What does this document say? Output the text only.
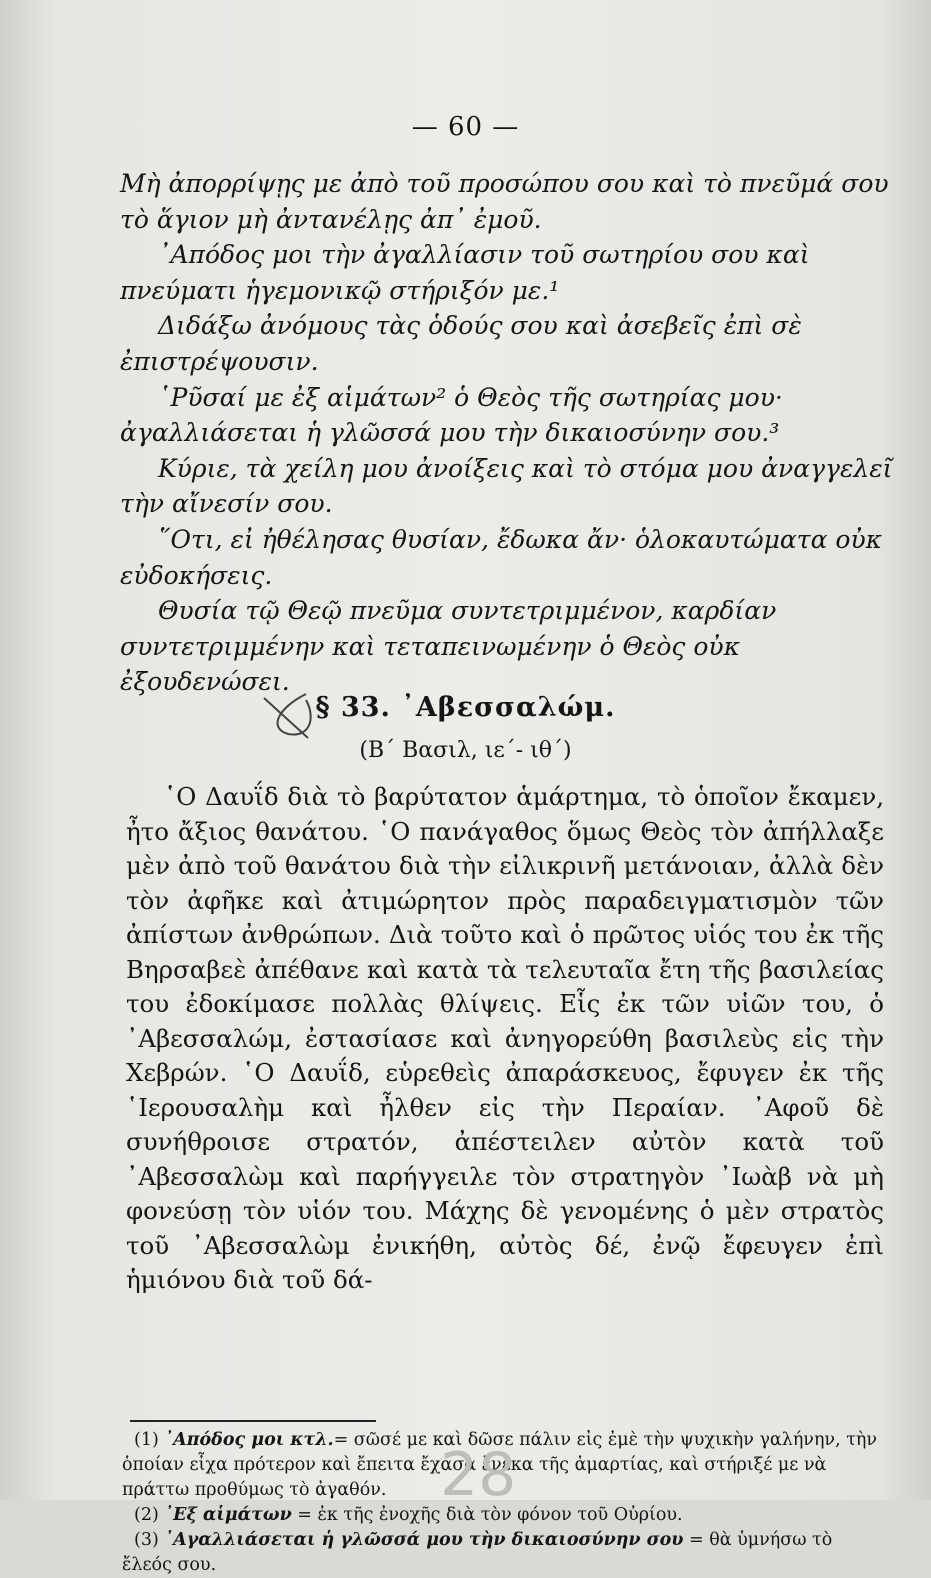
— 60 —

Μὴ ἀπορρίψῃς με ἀπὸ τοῦ προσώπου σου καὶ τὸ πνεῦμά σου τὸ ἅγιον μὴ ἀντανέλῃς ἀπ᾽ ἐμοῦ.

᾽Απόδος μοι τὴν ἀγαλλίασιν τοῦ σωτηρίου σου καὶ πνεύματι ἡγεμονικῷ στήριξόν με.¹

Διδάξω ἀνόμους τὰς ὁδούς σου καὶ ἀσεβεῖς ἐπὶ σὲ ἐπιστρέψουσιν.

῾Ρῦσαί με ἐξ αἱμάτων² ὁ Θεὸς τῆς σωτηρίας μου· ἀγαλλιάσεται ἡ γλῶσσά μου τὴν δικαιοσύνην σου.³

Κύριε, τὰ χείλη μου ἀνοίξεις καὶ τὸ στόμα μου ἀναγγελεῖ τὴν αἴνεσίν σου.

῞Οτι, εἰ ἠθέλησας θυσίαν, ἔδωκα ἄν· ὁλοκαυτώματα οὐκ εὐδοκήσεις.

Θυσία τῷ Θεῷ πνεῦμα συντετριμμένον, καρδίαν συντετριμμένην καὶ τεταπεινωμένην ὁ Θεὸς οὐκ ἐξουδενώσει.

§ 33. ᾽Αβεσσαλώμ.
(Β΄ Βασιλ, ιε΄- ιθ΄)

῾Ο Δαυΐδ διὰ τὸ βαρύτατον ἁμάρτημα, τὸ ὁποῖον ἔκαμεν, ἦτο ἄξιος θανάτου. ῾Ο πανάγαθος ὅμως Θεὸς τὸν ἀπήλλαξε μὲν ἀπὸ τοῦ θανάτου διὰ τὴν εἰλικρινῆ μετάνοιαν, ἀλλὰ δὲν τὸν ἀφῆκε καὶ ἀτιμώρητον πρὸς παραδειγματισμὸν τῶν ἀπίστων ἀνθρώπων. Διὰ τοῦτο καὶ ὁ πρῶτος υἱός του ἐκ τῆς Βηρσαβεὲ ἀπέθανε καὶ κατὰ τὰ τελευταῖα ἔτη τῆς βασιλείας του ἐδοκίμασε πολλὰς θλίψεις. Εἷς ἐκ τῶν υἱῶν του, ὁ ᾽Αβεσσαλώμ, ἐστασίασε καὶ ἀνηγορεύθη βασιλεὺς εἰς τὴν Χεβρών. ῾Ο Δαυΐδ, εὑρεθεὶς ἀπαράσκευος, ἔφυγεν ἐκ τῆς ῾Ιερουσαλὴμ καὶ ἦλθεν εἰς τὴν Περαίαν. ᾽Αφοῦ δὲ συνήθροισε στρατόν, ἀπέστειλεν αὐτὸν κατὰ τοῦ ᾽Αβεσσαλὼμ καὶ παρήγγειλε τὸν στρατηγὸν ᾽Ιωὰβ νὰ μὴ φονεύσῃ τὸν υἱόν του. Μάχης δὲ γενομένης ὁ μὲν στρατὸς τοῦ ᾽Αβεσσαλὼμ ἐνικήθη, αὐτὸς δέ, ἐνῷ ἔφευγεν ἐπὶ ἡμιόνου διὰ τοῦ δά-

(1) ᾽Απόδος μοι κτλ.= σῶσέ με καὶ δῶσε πάλιν εἰς ἐμὲ τὴν ψυχικὴν γαλήνην, τὴν ὁποίαν εἶχα πρότερον καὶ ἔπειτα ἔχασα ἕνεκα τῆς ἁμαρτίας, καὶ στήριξέ με νὰ πράττω προθύμως τὸ ἀγαθόν.

(2) ᾽Εξ αἱμάτων = ἐκ τῆς ἐνοχῆς διὰ τὸν φόνον τοῦ Οὐρίου.

(3) ᾽Αγαλλιάσεται ἡ γλῶσσά μου τὴν δικαιοσύνην σου = θὰ ὑμνήσω τὸ ἔλεός σου.

28
